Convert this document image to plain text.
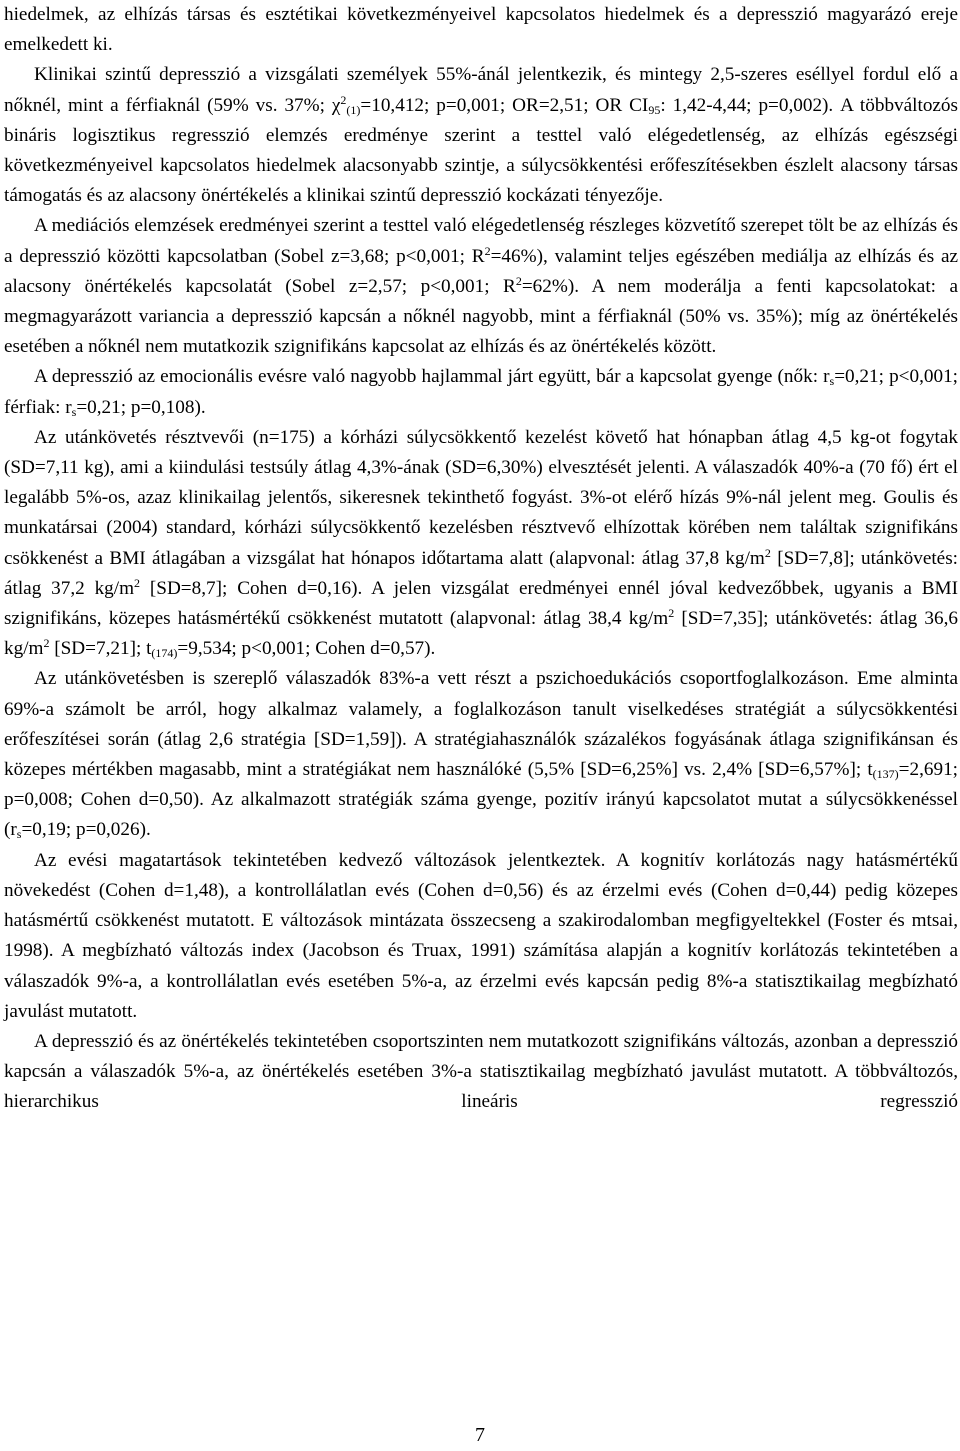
hiedelmek, az elhízás társas és esztétikai következményeivel kapcsolatos hiedelmek és a depresszió magyarázó ereje emelkedett ki.

Klinikai szintű depresszió a vizsgálati személyek 55%-ánál jelentkezik, és mintegy 2,5-szeres eséllyel fordul elő a nőknél, mint a férfiaknál (59% vs. 37%; $\chi^2_{(1)}=10,412$; p=0,001; OR=2,51; OR $CI_{95}$: 1,42-4,44; p=0,002). A többváltozós bináris logisztikus regresszió elemzés eredménye szerint a testtel való elégedetlenség, az elhízás egészségi következményeivel kapcsolatos hiedelmek alacsonyabb szintje, a súlycsökkentési erőfeszítésekben észlelt alacsony társas támogatás és az alacsony önértékelés a klinikai szintű depresszió kockázati tényezője.

A mediációs elemzések eredményei szerint a testtel való elégedetlenség részleges közvetítő szerepet tölt be az elhízás és a depresszió közötti kapcsolatban (Sobel z=3,68; p<0,001; $R^2=46\%$), valamint teljes egészében mediálja az elhízás és az alacsony önértékelés kapcsolatát (Sobel z=2,57; p<0,001; $R^2=62\%$). A nem moderálja a fenti kapcsolatokat: a megmagyarázott variancia a depresszió kapcsán a nőknél nagyobb, mint a férfiaknál (50% vs. 35%); míg az önértékelés esetében a nőknél nem mutatkozik szignifikáns kapcsolat az elhízás és az önértékelés között.

A depresszió az emocionális evésre való nagyobb hajlammal járt együtt, bár a kapcsolat gyenge (nők: $r_s=0,21$; p<0,001; férfiak: $r_s=0,21$; p=0,108).

Az utánkövetés résztvevői (n=175) a kórházi súlycsökkentő kezelést követő hat hónapban átlag 4,5 kg-ot fogytak (SD=7,11 kg), ami a kiindulási testsúly átlag 4,3%-ának (SD=6,30%) elvesztését jelenti. A válaszadók 40%-a (70 fő) ért el legalább 5%-os, azaz klinikailag jelentős, sikeresnek tekinthető fogyást. 3%-ot elérő hízás 9%-nál jelent meg. Goulis és munkatársai (2004) standard, kórházi súlycsökkentő kezelésben résztvevő elhízottak körében nem találtak szignifikáns csökkenést a BMI átlagában a vizsgálat hat hónapos időtartama alatt (alapvonal: átlag 37,8 $kg/m^2$ [SD=7,8]; utánkövetés: átlag 37,2 $kg/m^2$ [SD=8,7]; Cohen d=0,16). A jelen vizsgálat eredményei ennél jóval kedvezőbbek, ugyanis a BMI szignifikáns, közepes hatásmértékű csökkenést mutatott (alapvonal: átlag 38,4 $kg/m^2$ [SD=7,35]; utánkövetés: átlag 36,6 $kg/m^2$ [SD=7,21]; $t_{(174)}=9,534$; p<0,001; Cohen d=0,57).

Az utánkövetésben is szereplő válaszadók 83%-a vett részt a pszichoedukációs csoportfoglalkozáson. Eme alminta 69%-a számolt be arról, hogy alkalmaz valamely, a foglalkozáson tanult viselkedéses stratégiát a súlycsökkentési erőfeszítései során (átlag 2,6 stratégia [SD=1,59]). A stratégiahasználók százalékos fogyásának átlaga szignifikánsan és közepes mértékben magasabb, mint a stratégiákat nem használóké (5,5% [SD=6,25%] vs. 2,4% [SD=6,57%]; $t_{(137)}=2,691$; p=0,008; Cohen d=0,50). Az alkalmazott stratégiák száma gyenge, pozitív irányú kapcsolatot mutat a súlycsökkenéssel ($r_s=0,19$; p=0,026).

Az evési magatartások tekintetében kedvező változások jelentkeztek. A kognitív korlátozás nagy hatásmértékű növekedést (Cohen d=1,48), a kontrollálatlan evés (Cohen d=0,56) és az érzelmi evés (Cohen d=0,44) pedig közepes hatásmértű csökkenést mutatott. E változások mintázata összecseng a szakirodalomban megfigyeltekkel (Foster és mtsai, 1998). A megbízható változás index (Jacobson és Truax, 1991) számítása alapján a kognitív korlátozás tekintetében a válaszadók 9%-a, a kontrollálatlan evés esetében 5%-a, az érzelmi evés kapcsán pedig 8%-a statisztikailag megbízható javulást mutatott.

A depresszió és az önértékelés tekintetében csoportszinten nem mutatkozott szignifikáns változás, azonban a depresszió kapcsán a válaszadók 5%-a, az önértékelés esetében 3%-a statisztikailag megbízható javulást mutatott. A többváltozós, hierarchikus lineáris regresszió

7
